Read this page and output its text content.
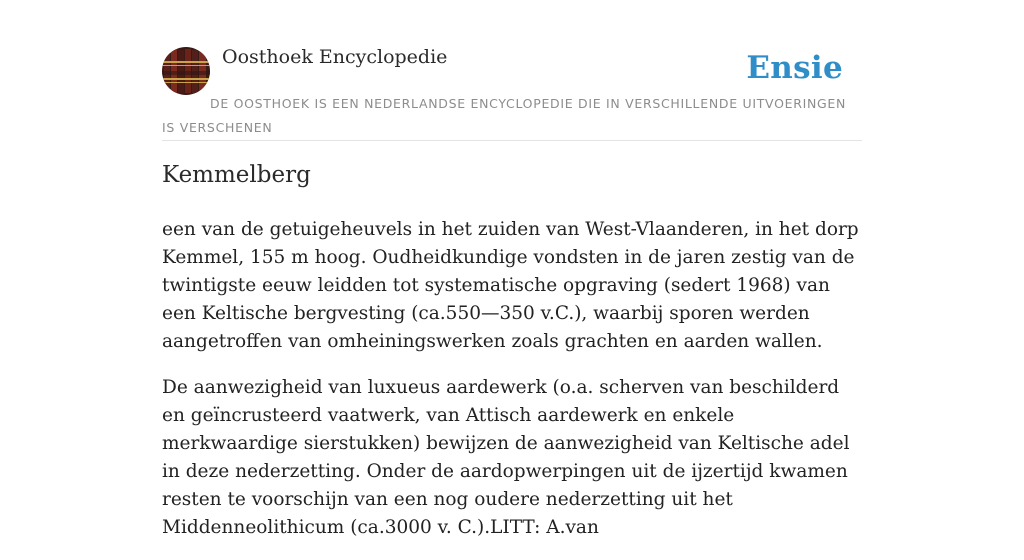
Oosthoek Encyclopedie	Ensie
DE OOSTHOEK IS EEN NEDERLANDSE ENCYCLOPEDIE DIE IN VERSCHILLENDE UITVOERINGEN IS VERSCHENEN
Kemmelberg

een van de getuigeheuvels in het zuiden van West-Vlaanderen, in het dorp Kemmel, 155 m hoog. Oudheidkundige vondsten in de jaren zestig van de twintigste eeuw leidden tot systematische opgraving (sedert 1968) van een Keltische bergvesting (ca.550—350 v.C.), waarbij sporen werden aangetroffen van omheiningswerken zoals grachten en aarden wallen.

De aanwezigheid van luxueus aardewerk (o.a. scherven van beschilderd en geïncrusteerd vaatwerk, van Attisch aardewerk en enkele merkwaardige sierstukken) bewijzen de aanwezigheid van Keltische adel in deze nederzetting. Onder de aardopwerpingen uit de ijzertijd kwamen resten te voorschijn van een nog oudere nederzetting uit het Middenneolithicum (ca.3000 v. C.).LITT: A.van
